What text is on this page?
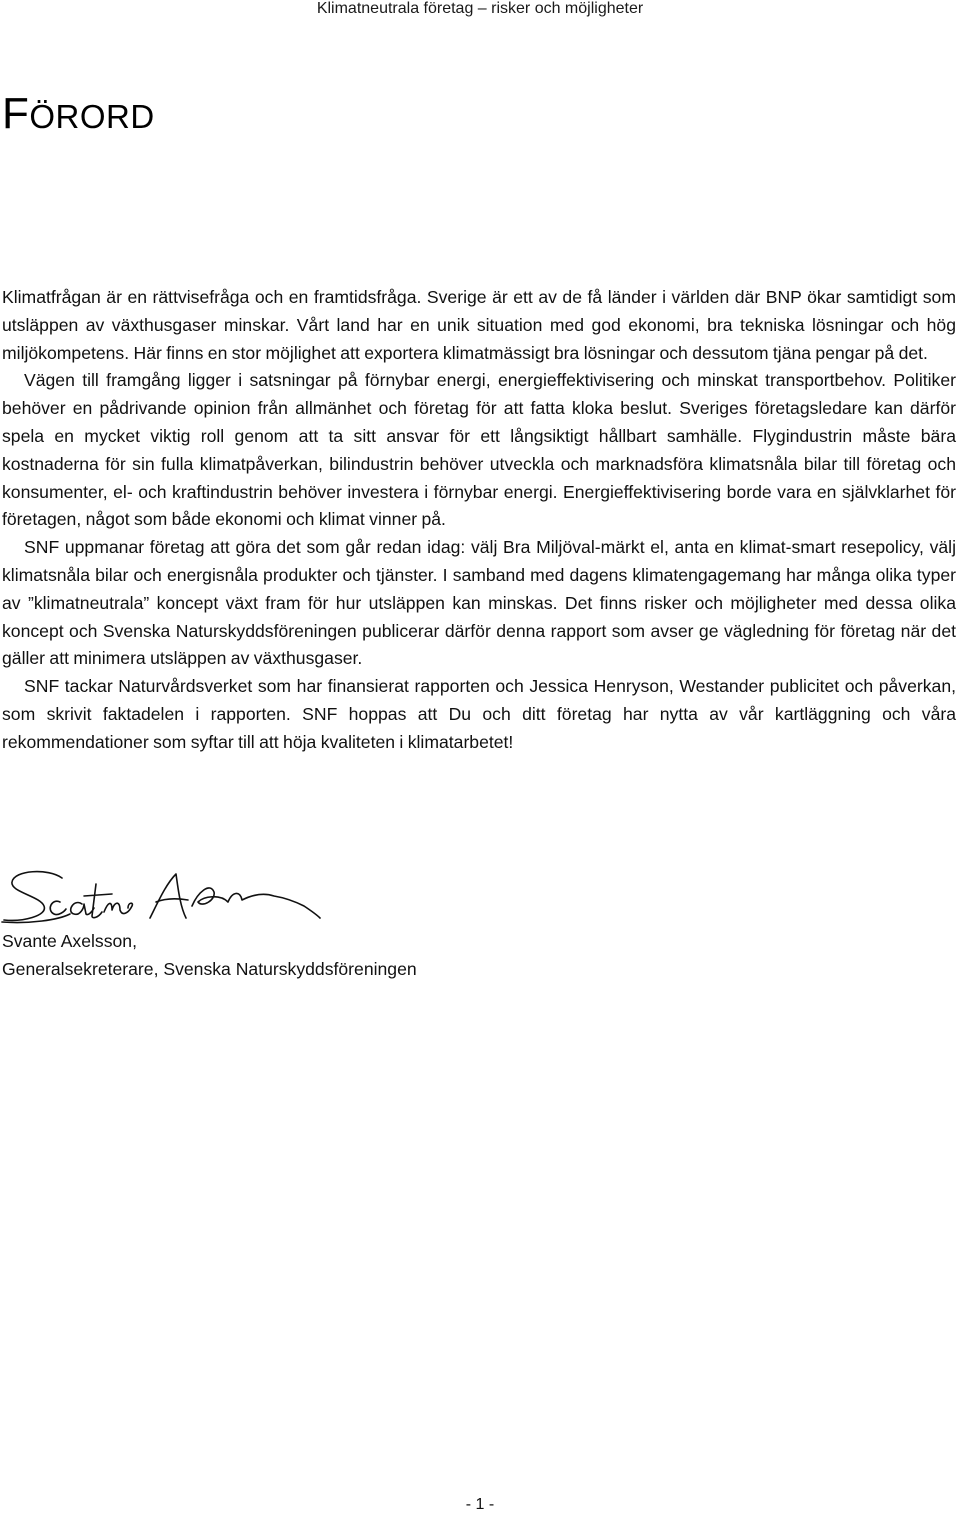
Klimatneutrala företag – risker och möjligheter
FÖRORD

Klimatfrågan är en rättvisefråga och en framtidsfråga. Sverige är ett av de få länder i världen där BNP ökar samtidigt som utsläppen av växthusgaser minskar. Vårt land har en unik situation med god ekonomi, bra tekniska lösningar och hög miljökompetens. Här finns en stor möjlighet att exportera klimatmässigt bra lösningar och dessutom tjäna pengar på det.

Vägen till framgång ligger i satsningar på förnybar energi, energieffektivisering och minskat transportbehov. Politiker behöver en pådrivande opinion från allmänhet och företag för att fatta kloka beslut. Sveriges företagsledare kan därför spela en mycket viktig roll genom att ta sitt ansvar för ett långsiktigt hållbart samhälle. Flygindustrin måste bära kostnaderna för sin fulla klimatpåverkan, bilindustrin behöver utveckla och marknadsföra klimatsnåla bilar till företag och konsumenter, el- och kraftindustrin behöver investera i förnybar energi. Energieffektivisering borde vara en självklarhet för företagen, något som både ekonomi och klimat vinner på.

SNF uppmanar företag att göra det som går redan idag: välj Bra Miljöval-märkt el, anta en klimat-smart resepolicy, välj klimatsnåla bilar och energisnåla produkter och tjänster. I samband med dagens klimatengagemang har många olika typer av ”klimatneutrala” koncept växt fram för hur utsläppen kan minskas. Det finns risker och möjligheter med dessa olika koncept och Svenska Naturskyddsföreningen publicerar därför denna rapport som avser ge vägledning för företag när det gäller att minimera utsläppen av växthusgaser.

SNF tackar Naturvårdsverket som har finansierat rapporten och Jessica Henryson, Westander publicitet och påverkan, som skrivit faktadelen i rapporten. SNF hoppas att Du och ditt företag har nytta av vår kartläggning och våra rekommendationer som syftar till att höja kvaliteten i klimatarbetet!

Svante Axelsson,
Generalsekreterare, Svenska Naturskyddsföreningen
- 1 -
